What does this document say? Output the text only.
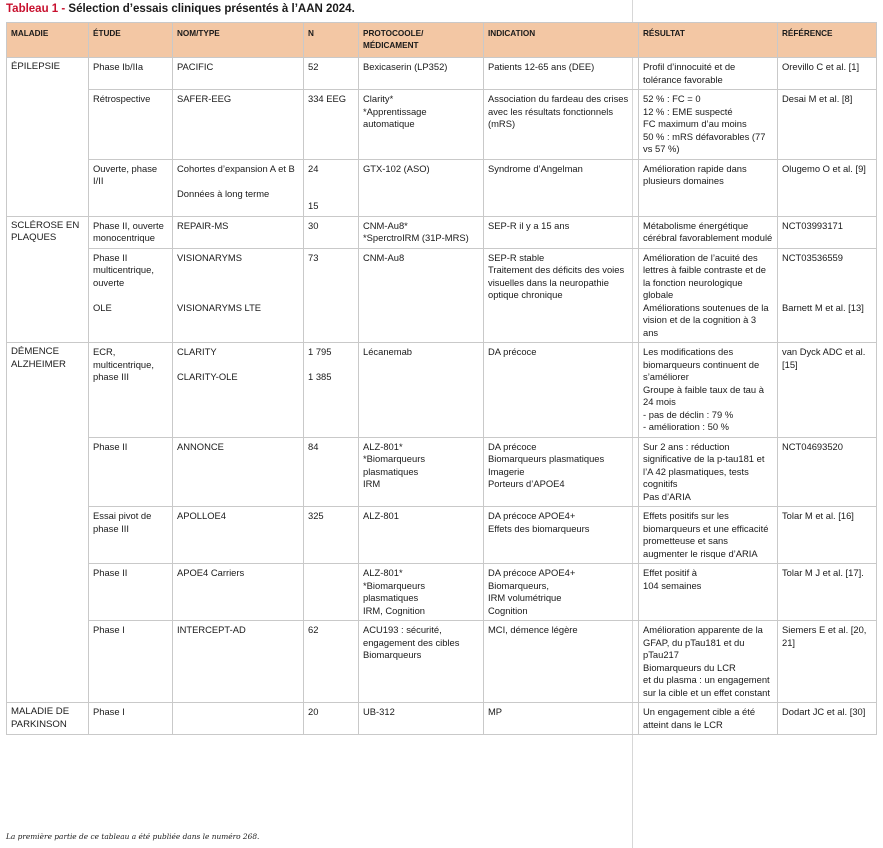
Tableau 1 - Sélection d’essais cliniques présentés à l’AAN 2024.
MALADIE	ÉTUDE	NOM/TYPE	N	PROTOCOOLE/ MÉDICAMENT	INDICATION	RÉSULTAT	RÉFÉRENCE
ÉPILEPSIE	Phase Ib/IIa	PACIFIC	52	Bexicaserin (LP352)	Patients 12-65 ans (DEE)	Profil d’innocuité et de tolérance favorable	Orevillo C et al. [1]

	Rétrospective	SAFER-EEG	334 EEG	Clarity*
*Apprentissage automatique	Association du fardeau des crises avec les résultats fonctionnels (mRS)	52 % : FC = 0
12 % : EME suspecté
FC maximum d’au moins
50 % : mRS défavorables (77 vs 57 %)	Desai M et al. [8]

	Ouverte, phase I/II	Cohortes d’expansion A et B
Données à long terme	24
15	GTX-102 (ASO)	Syndrome d’Angelman	Amélioration rapide dans plusieurs domaines	Olugemo O et al. [9]

SCLÉROSE EN PLAQUES	Phase II, ouverte monocentrique	REPAIR-MS	30	CNM-Au8*
*SperctroIRM (31P-MRS)	SEP-R il y a 15 ans	Métabolisme énergétique cérébral favorablement modulé	NCT03993171

	Phase II multicentrique, ouverte
OLE	VISIONARYMS
VISIONARYMS LTE	73	CNM-Au8	SEP-R stable
Traitement des déficits des voies visuelles dans la neuropathie optique chronique	Amélioration de l’acuité des lettres à faible contraste et de la fonction neurologique globale
Améliorations soutenues de la vision et de la cognition à 3 ans	NCT03536559
Barnett M et al. [13]

DÉMENCE ALZHEIMER	ECR, multicentrique, phase III	CLARITY
CLARITY-OLE	1 795
1 385	Lécanemab	DA précoce	Les modifications des biomarqueurs continuent de s’améliorer
Groupe à faible taux de tau à 24 mois
- pas de déclin : 79 %
- amélioration : 50 %	van Dyck ADC et al. [15]

	Phase II	ANNONCE	84	ALZ-801*
*Biomarqueurs plasmatiques
IRM	DA précoce
Biomarqueurs plasmatiques
Imagerie
Porteurs d’APOE4	Sur 2 ans : réduction significative de la p-tau181 et l’A 42 plasmatiques, tests cognitifs
Pas d’ARIA	NCT04693520

	Essai pivot de phase III	APOLLOE4	325	ALZ-801	DA précoce APOE4+
Effets des biomarqueurs	Effets positifs sur les biomarqueurs et une efficacité prometteuse et sans augmenter le risque d’ARIA	Tolar M et al. [16]

	Phase II	APOE4 Carriers		ALZ-801*
*Biomarqueurs plasmatiques
IRM, Cognition	DA précoce APOE4+
Biomarqueurs,
IRM volumétrique
Cognition	Effet positif à
104 semaines	Tolar M J et al. [17].

	Phase I	INTERCEPT-AD	62	ACU193 : sécurité, engagement des cibles
Biomarqueurs	MCI, démence légère	Amélioration apparente de la GFAP, du pTau181 et du pTau217
Biomarqueurs du LCR
et du plasma : un engagement sur la cible et un effet constant	Siemers E et al. [20, 21]

MALADIE DE PARKINSON	Phase I		20	UB-312	MP	Un engagement cible a été atteint dans le LCR	Dodart JC et al. [30]
La première partie de ce tableau a été publiée dans le numéro 268.
